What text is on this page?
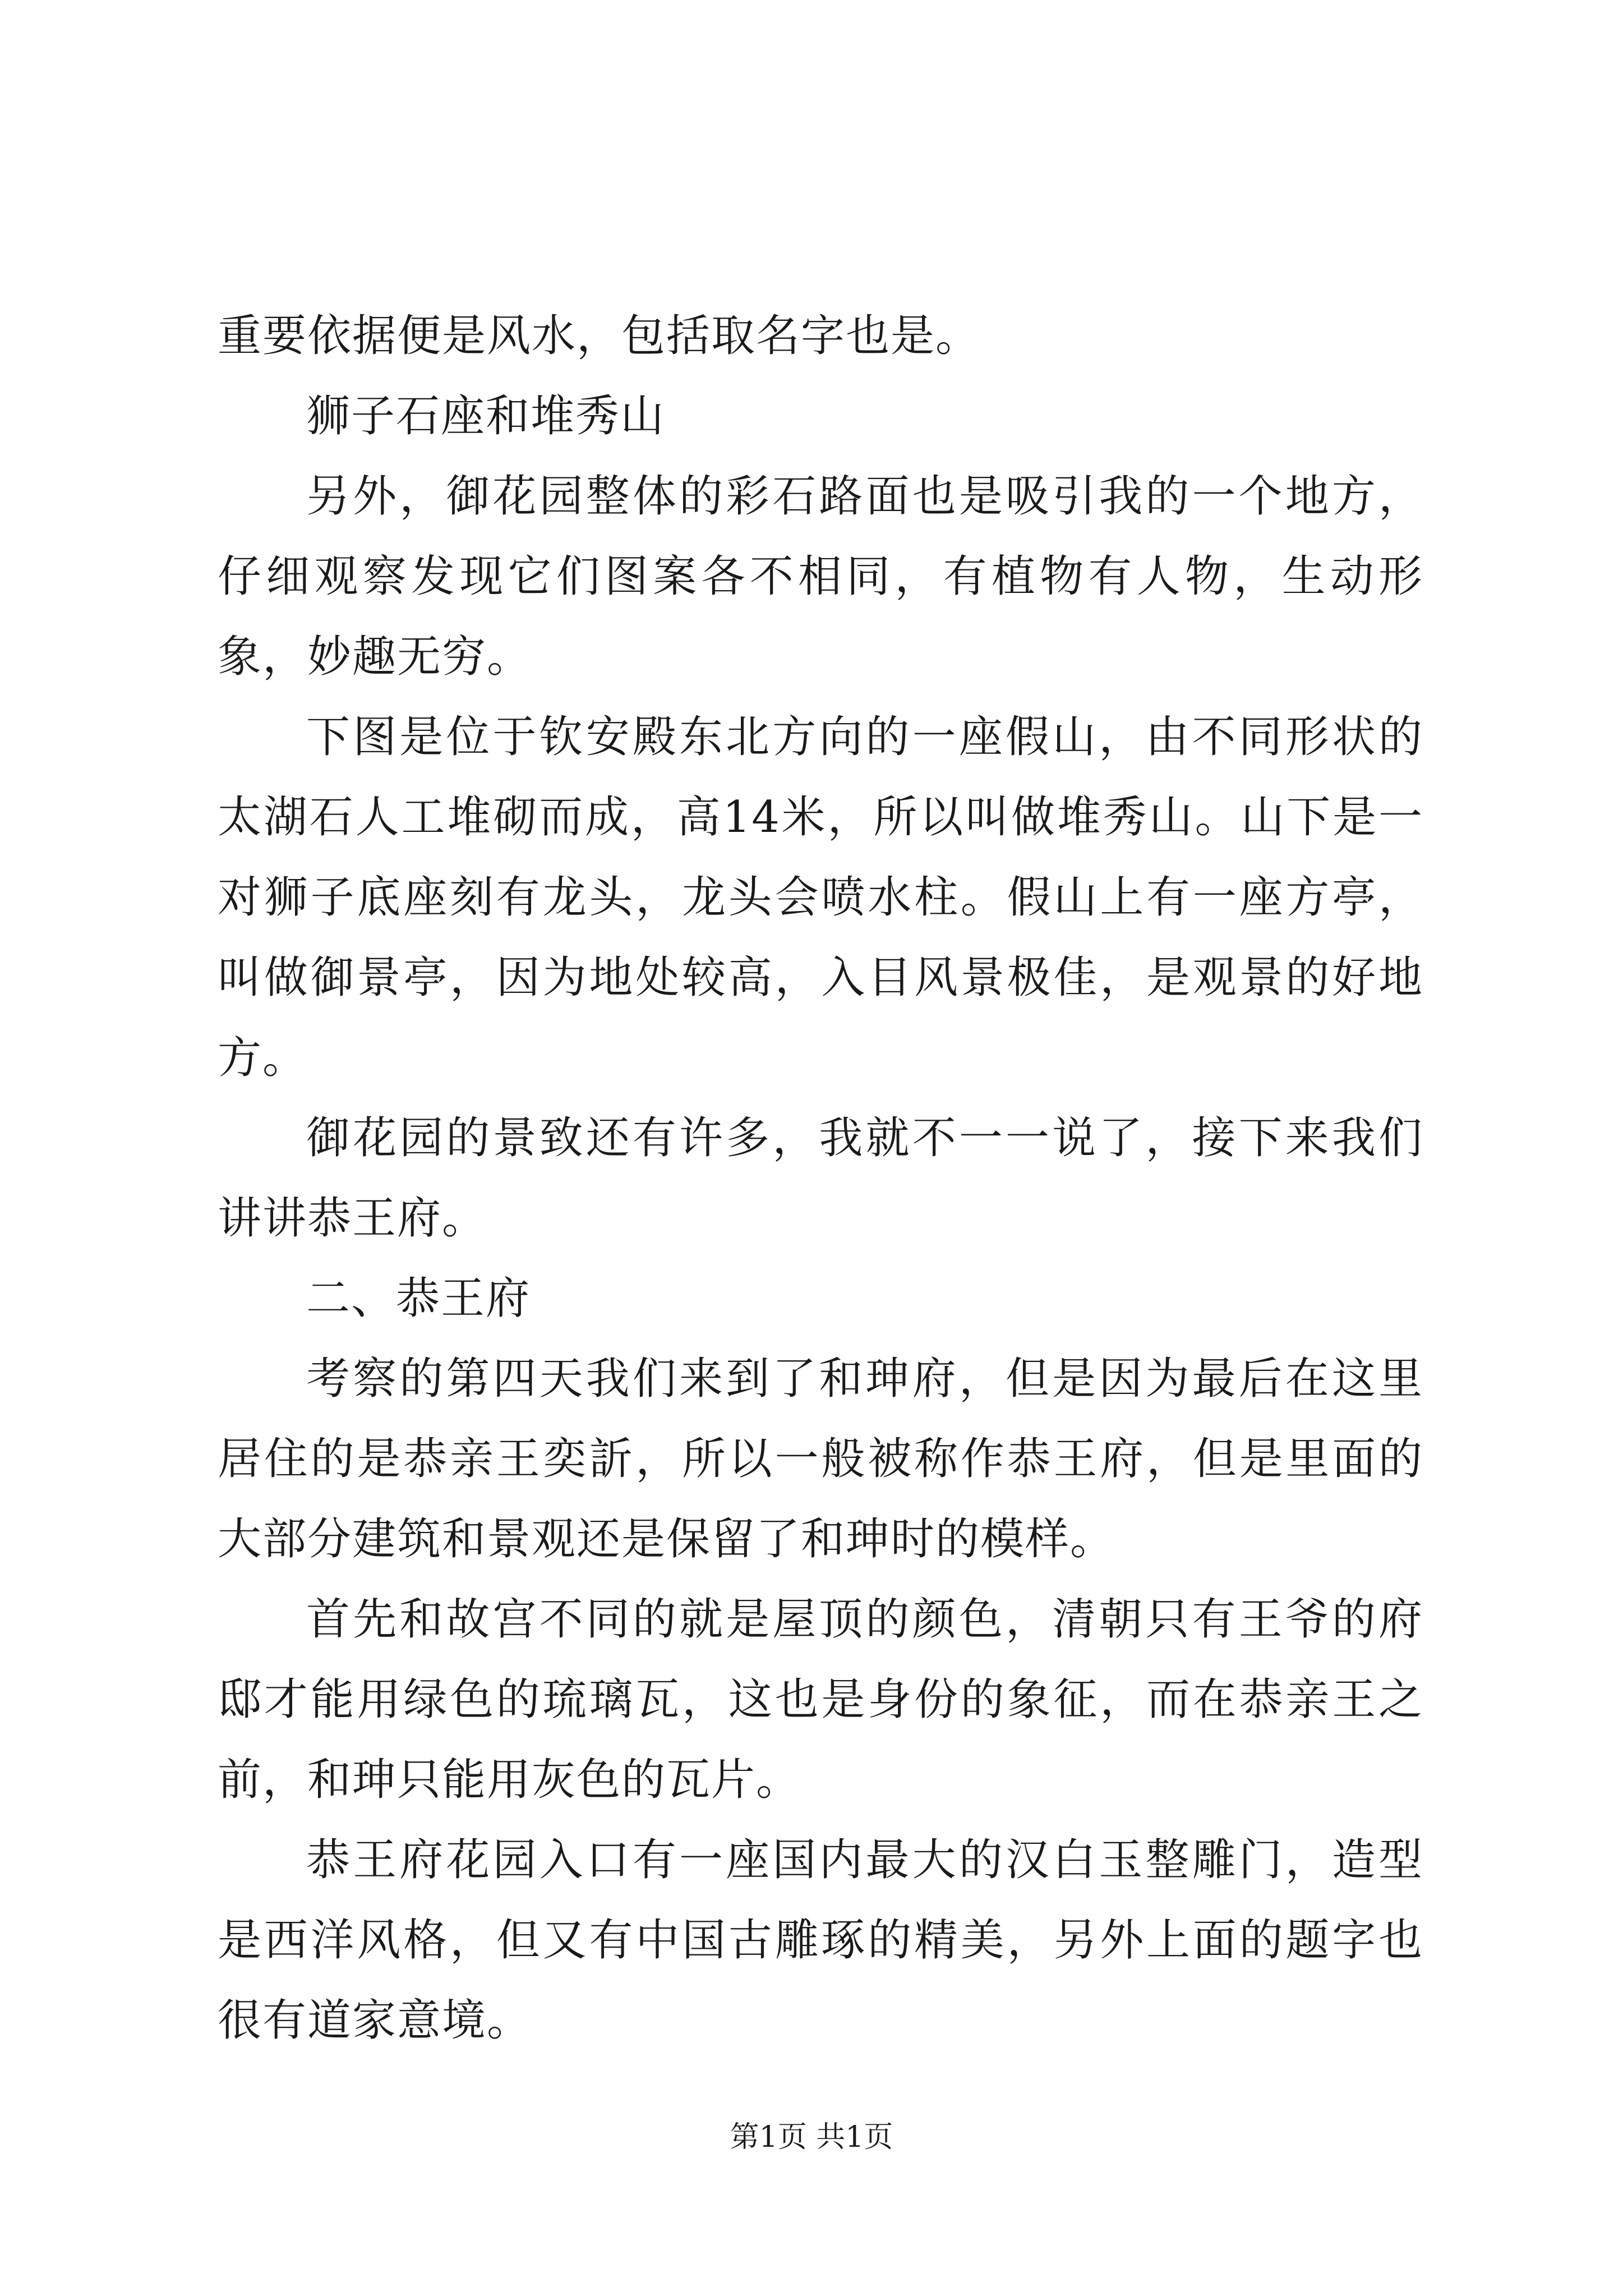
重要依据便是风水，包括取名字也是。

狮子石座和堆秀山

另外，御花园整体的彩石路面也是吸引我的一个地方，仔细观察发现它们图案各不相同，有植物有人物，生动形象，妙趣无穷。

下图是位于钦安殿东北方向的一座假山，由不同形状的太湖石人工堆砌而成，高14米，所以叫做堆秀山。山下是一对狮子底座刻有龙头，龙头会喷水柱。假山上有一座方亭，叫做御景亭，因为地处较高，入目风景极佳，是观景的好地方。

御花园的景致还有许多，我就不一一说了，接下来我们讲讲恭王府。

二、恭王府

考察的第四天我们来到了和珅府，但是因为最后在这里居住的是恭亲王奕訢，所以一般被称作恭王府，但是里面的大部分建筑和景观还是保留了和珅时的模样。

首先和故宫不同的就是屋顶的颜色，清朝只有王爷的府邸才能用绿色的琉璃瓦，这也是身份的象征，而在恭亲王之前，和珅只能用灰色的瓦片。

恭王府花园入口有一座国内最大的汉白玉整雕门，造型是西洋风格，但又有中国古雕琢的精美，另外上面的题字也很有道家意境。

第1页 共1页
